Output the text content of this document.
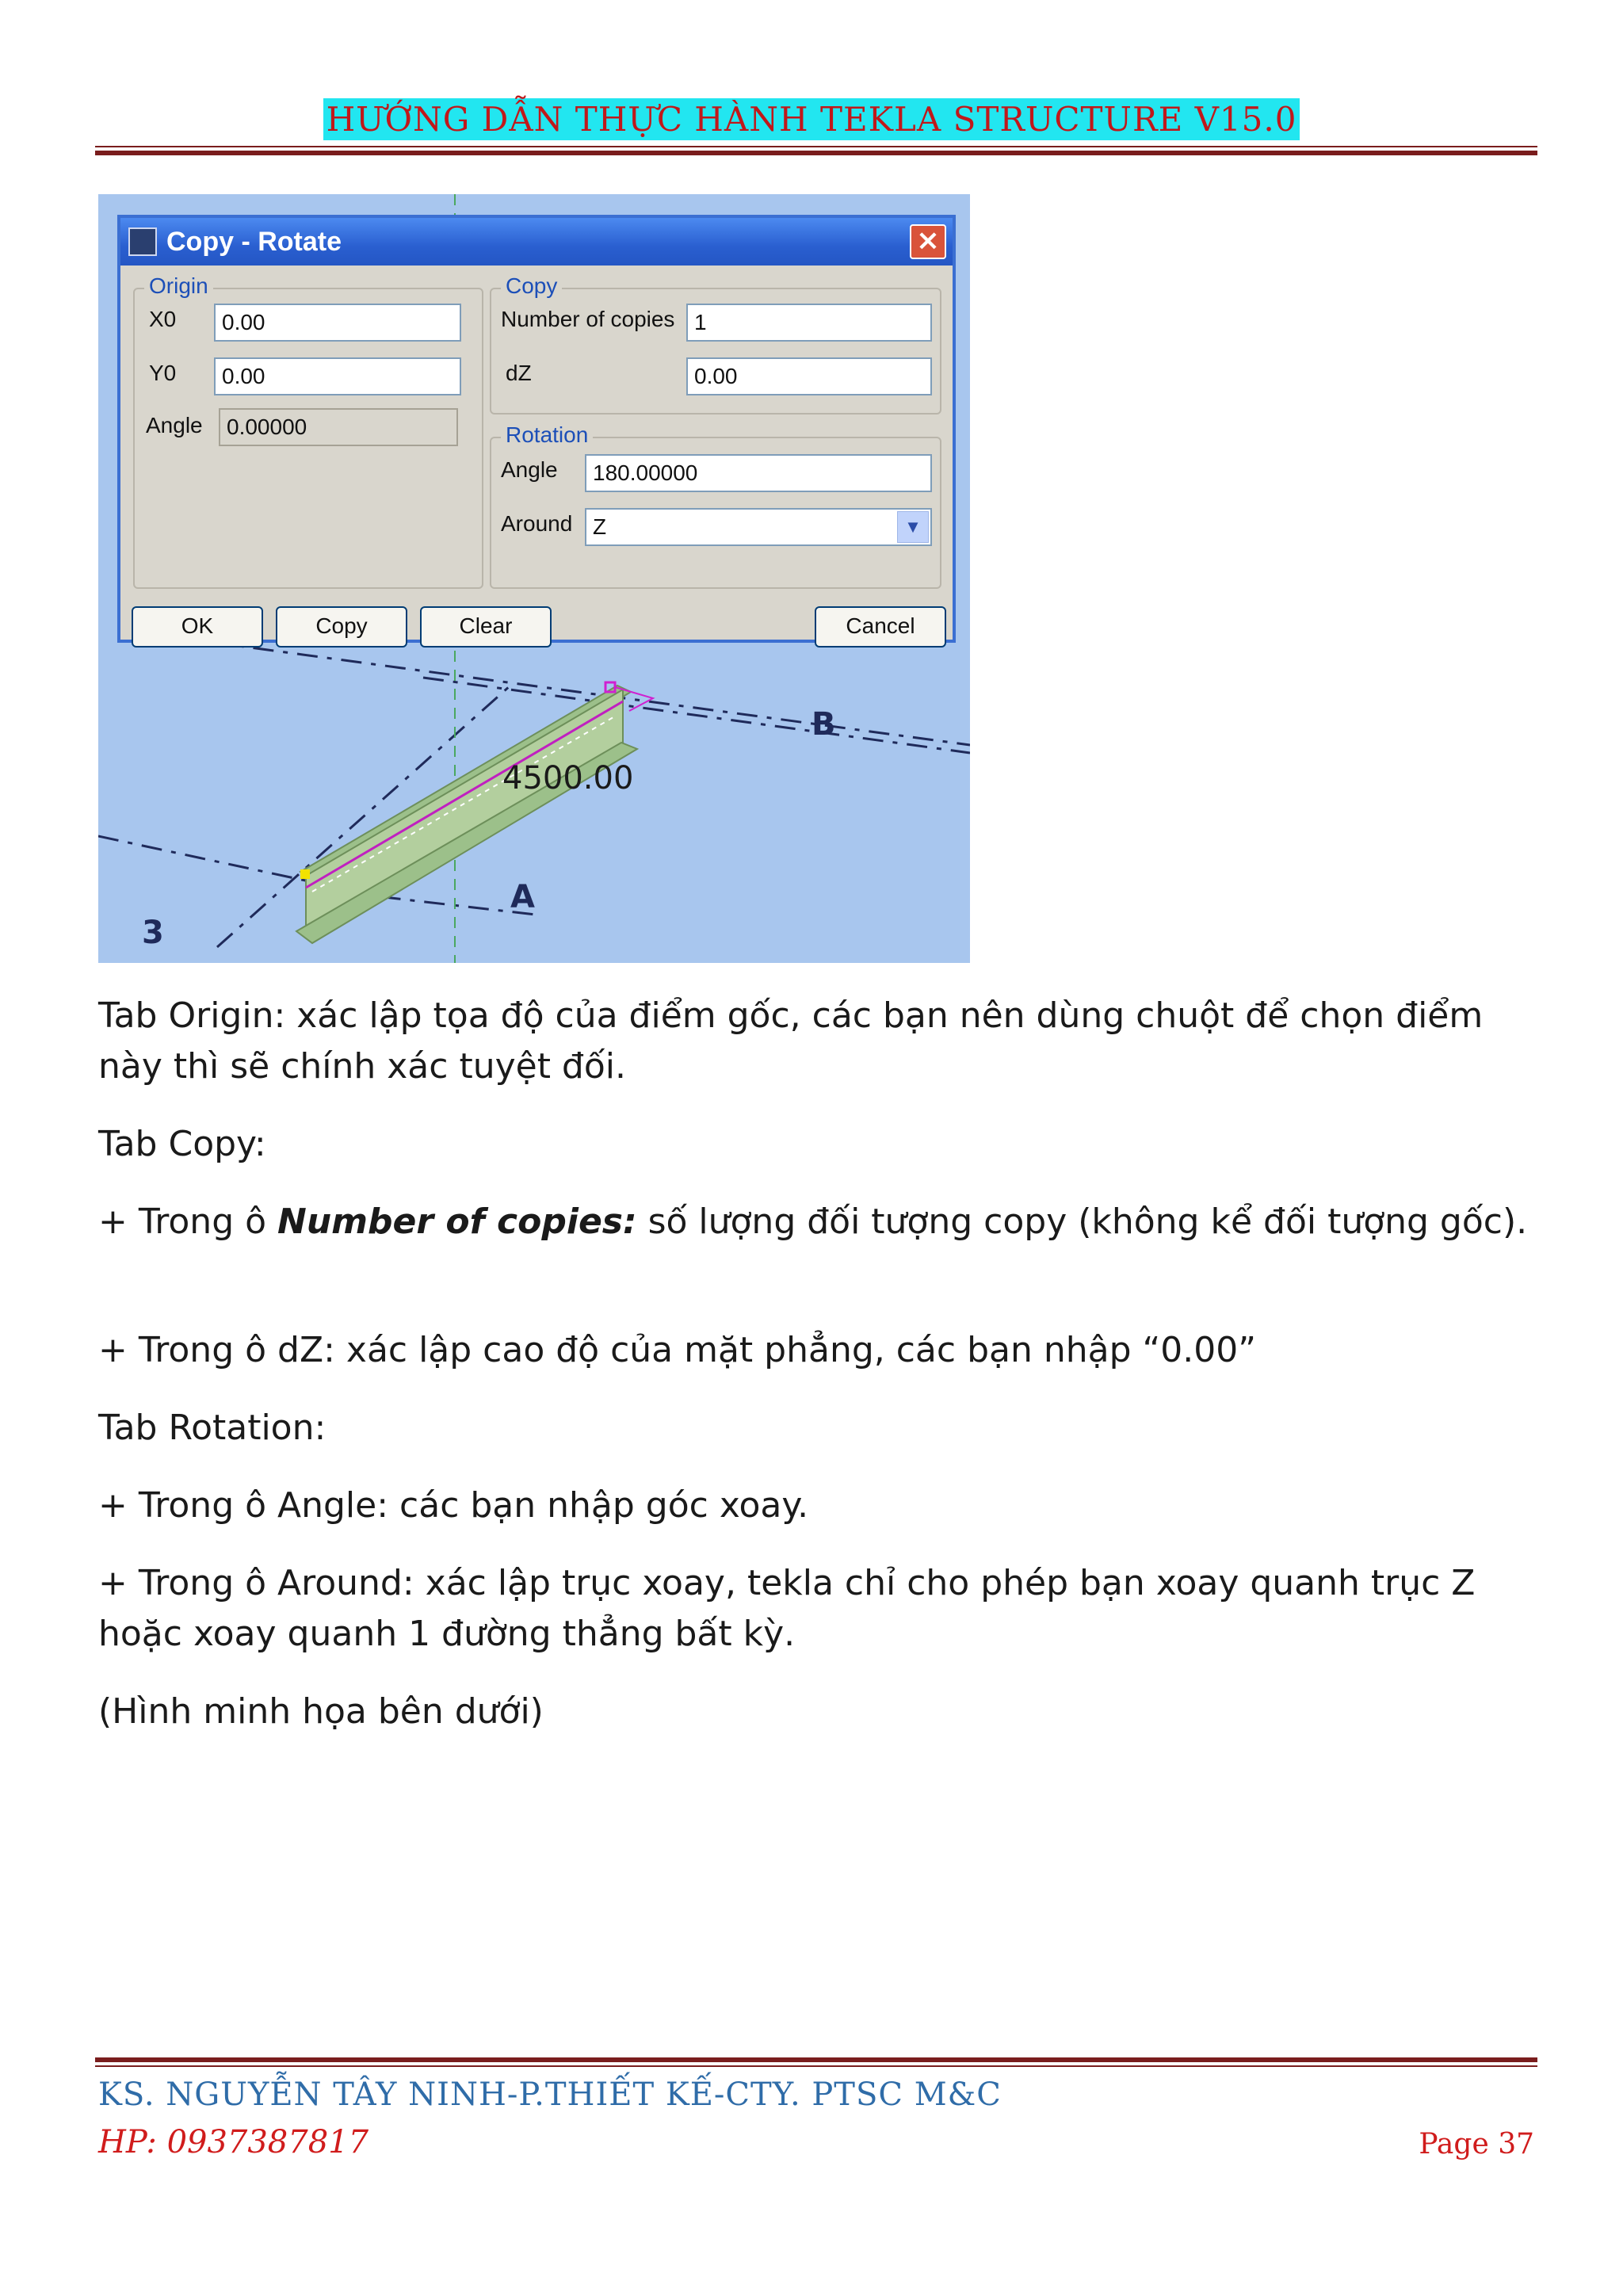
HƯỚNG DẪN THỰC HÀNH TEKLA STRUCTURE V15.0
4500.00
B
A
3
Copy - Rotate	×
Origin
X0	0.00
Y0	0.00
Angle	0.00000
Copy
Number of copies 1
dZ	0.00
Rotation
Angle	180.00000
Around Z	▼
OK	Copy	Clear	Cancel

Tab Origin: xác lập tọa độ của điểm gốc, các bạn nên dùng chuột để chọn điểm này thì sẽ chính xác tuyệt đối.

Tab Copy:

+ Trong ô Number of copies: số lượng đối tượng copy (không kể đối tượng gốc).

+ Trong ô dZ: xác lập cao độ của mặt phẳng, các bạn nhập “0.00”

Tab Rotation:

+ Trong ô Angle: các bạn nhập góc xoay.

+ Trong ô Around: xác lập trục xoay, tekla chỉ cho phép bạn xoay quanh trục Z hoặc xoay quanh 1 đường thẳng bất kỳ.

(Hình minh họa bên dưới)

KS. NGUYỄN TÂY NINH-P.THIẾT KẾ-CTY. PTSC M&C
HP: 0937387817	Page 37
